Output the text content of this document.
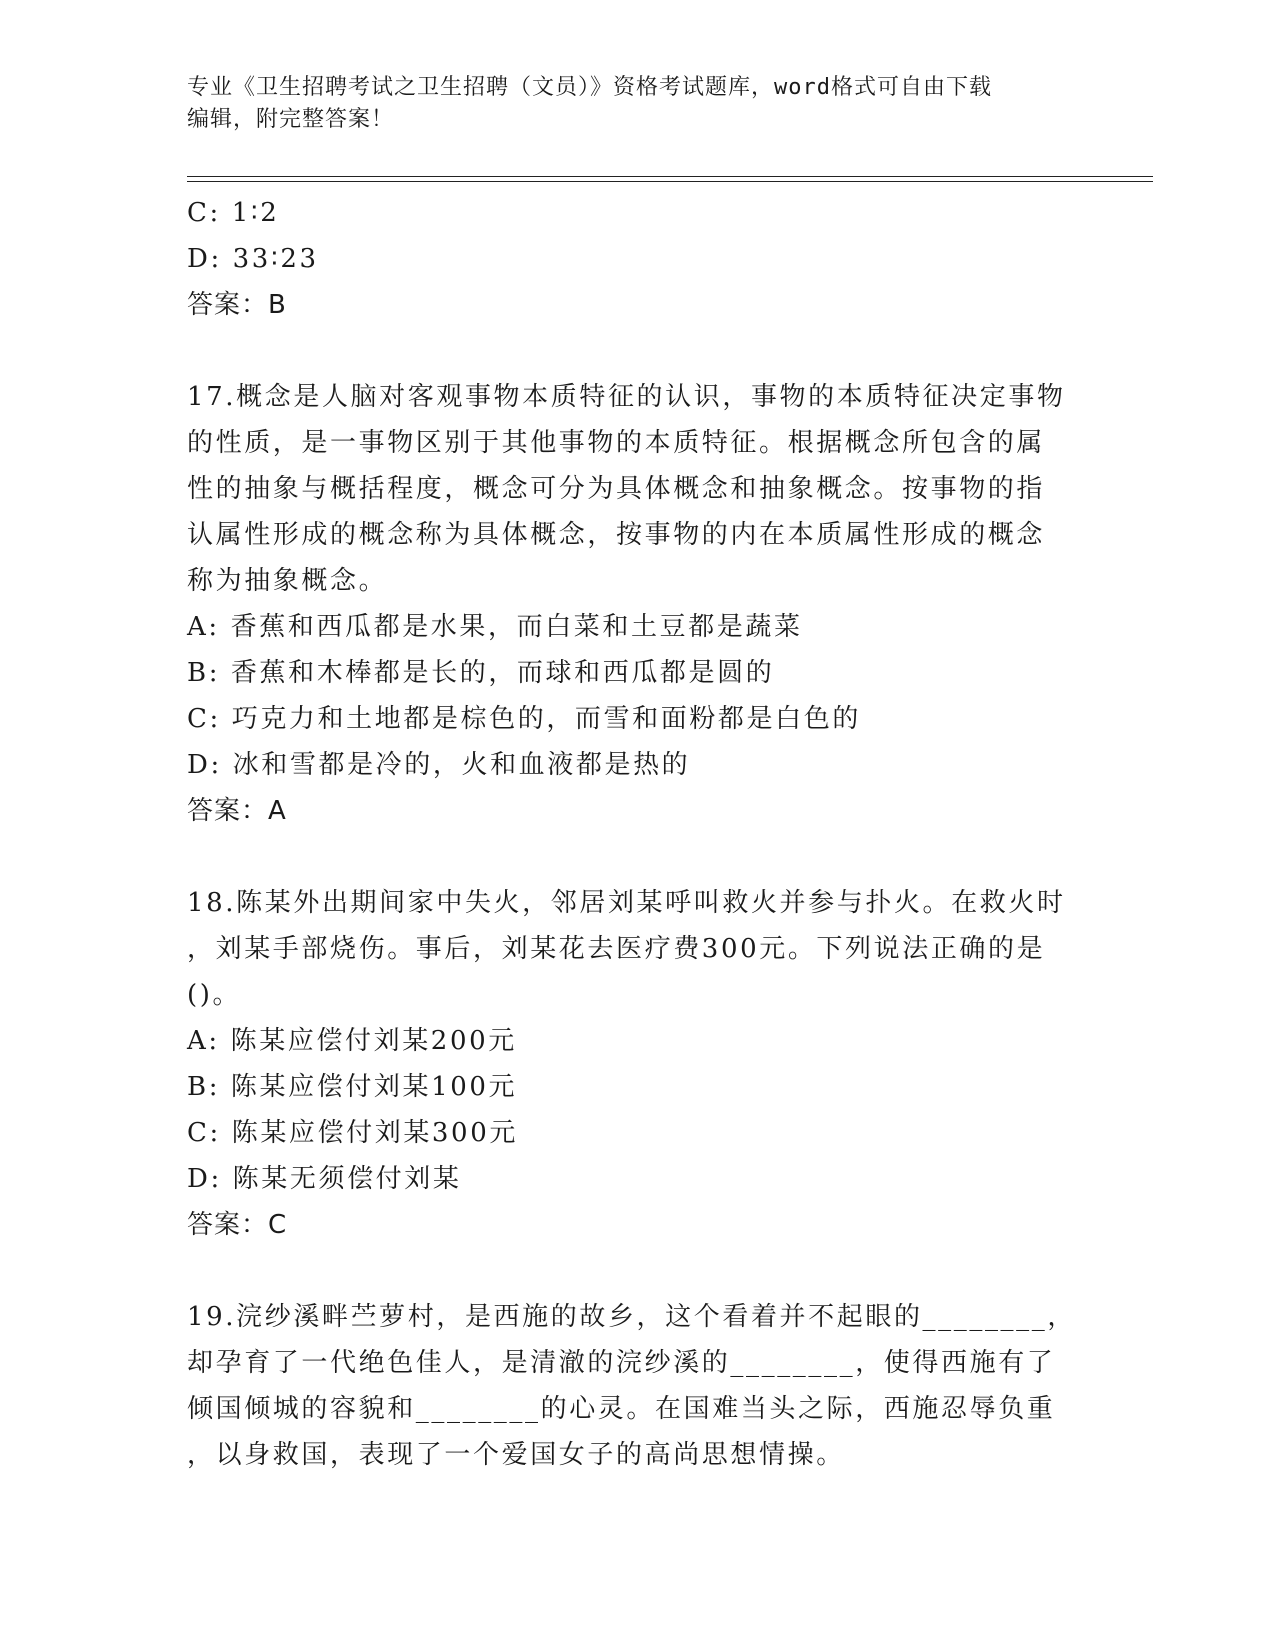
专业《卫生招聘考试之卫生招聘（文员）》资格考试题库，word格式可自由下载
编辑，附完整答案！
C: 1∶2
D: 33∶23
答案：B
17.概念是人脑对客观事物本质特征的认识，事物的本质特征决定事物
的性质，是一事物区别于其他事物的本质特征。根据概念所包含的属
性的抽象与概括程度，概念可分为具体概念和抽象概念。按事物的指
认属性形成的概念称为具体概念，按事物的内在本质属性形成的概念
称为抽象概念。
A: 香蕉和西瓜都是水果，而白菜和土豆都是蔬菜
B: 香蕉和木棒都是长的，而球和西瓜都是圆的
C: 巧克力和土地都是棕色的，而雪和面粉都是白色的
D: 冰和雪都是冷的，火和血液都是热的
答案：A
18.陈某外出期间家中失火，邻居刘某呼叫救火并参与扑火。在救火时
，刘某手部烧伤。事后，刘某花去医疗费300元。下列说法正确的是
()。
A: 陈某应偿付刘某200元
B: 陈某应偿付刘某100元
C: 陈某应偿付刘某300元
D: 陈某无须偿付刘某
答案：C
19.浣纱溪畔苎萝村，是西施的故乡，这个看着并不起眼的________，
却孕育了一代绝色佳人，是清澈的浣纱溪的________，使得西施有了
倾国倾城的容貌和________的心灵。在国难当头之际，西施忍辱负重
，以身救国，表现了一个爱国女子的高尚思想情操。
